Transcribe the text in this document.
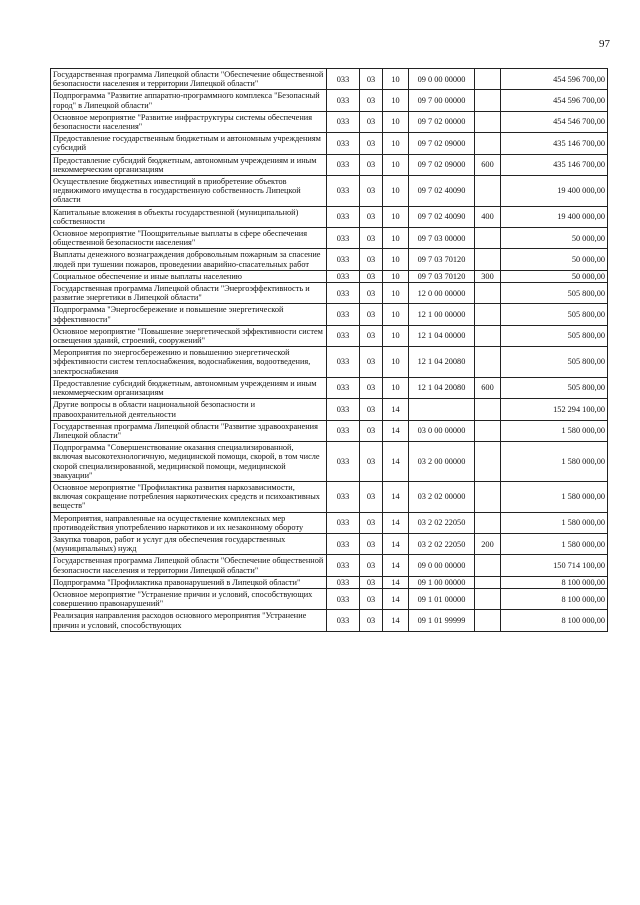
97
Государственная программа Липецкой области "Обеспечение общественной безопасности населения и территории Липецкой области"	033	03	10	09 0 00 00000		454 596 700,00
Подпрограмма "Развитие аппаратно-программного комплекса "Безопасный город" в Липецкой области"	033	03	10	09 7 00 00000		454 596 700,00
Основное мероприятие "Развитие инфраструктуры системы обеспечения безопасности населения"	033	03	10	09 7 02 00000		454 546 700,00
Предоставление государственным бюджетным и автономным учреждениям субсидий	033	03	10	09 7 02 09000		435 146 700,00
Предоставление субсидий бюджетным, автономным учреждениям и иным некоммерческим организациям	033	03	10	09 7 02 09000	600	435 146 700,00
Осуществление бюджетных инвестиций в приобретение объектов недвижимого имущества в государственную собственность Липецкой области	033	03	10	09 7 02 40090		19 400 000,00
Капитальные вложения в объекты государственной (муниципальной) собственности	033	03	10	09 7 02 40090	400	19 400 000,00
Основное мероприятие "Поощрительные выплаты в сфере обеспечения общественной безопасности населения"	033	03	10	09 7 03 00000		50 000,00
Выплаты денежного вознаграждения добровольным пожарным за спасение людей при тушении пожаров, проведении аварийно-спасательных работ	033	03	10	09 7 03 70120		50 000,00
Социальное обеспечение и иные выплаты населению	033	03	10	09 7 03 70120	300	50 000,00
Государственная программа Липецкой области "Энергоэффективность и развитие энергетики в Липецкой области"	033	03	10	12 0 00 00000		505 800,00
Подпрограмма "Энергосбережение и повышение энергетической эффективности"	033	03	10	12 1 00 00000		505 800,00
Основное мероприятие "Повышение энергетической эффективности систем освещения зданий, строений, сооружений"	033	03	10	12 1 04 00000		505 800,00
Мероприятия по энергосбережению и повышению энергетической эффективности систем теплоснабжения, водоснабжения, водоотведения, электроснабжения	033	03	10	12 1 04 20080		505 800,00
Предоставление субсидий бюджетным, автономным учреждениям и иным некоммерческим организациям	033	03	10	12 1 04 20080	600	505 800,00
Другие вопросы в области национальной безопасности и правоохранительной деятельности	033	03	14			152 294 100,00
Государственная программа Липецкой области "Развитие здравоохранения Липецкой области"	033	03	14	03 0 00 00000		1 580 000,00
Подпрограмма "Совершенствование оказания специализированной, включая высокотехнологичную, медицинской помощи, скорой, в том числе скорой специализированной, медицинской помощи, медицинской эвакуации"	033	03	14	03 2 00 00000		1 580 000,00
Основное мероприятие "Профилактика развития наркозависимости, включая сокращение потребления наркотических средств и психоактивных веществ"	033	03	14	03 2 02 00000		1 580 000,00
Мероприятия, направленные на осуществление комплексных мер противодействия употреблению наркотиков и их незаконному обороту	033	03	14	03 2 02 22050		1 580 000,00
Закупка товаров, работ и услуг для обеспечения государственных (муниципальных) нужд	033	03	14	03 2 02 22050	200	1 580 000,00
Государственная программа Липецкой области "Обеспечение общественной безопасности населения и территории Липецкой области"	033	03	14	09 0 00 00000		150 714 100,00
Подпрограмма "Профилактика правонарушений в Липецкой области"	033	03	14	09 1 00 00000		8 100 000,00
Основное мероприятие "Устранение причин и условий, способствующих совершению правонарушений"	033	03	14	09 1 01 00000		8 100 000,00
Реализация направления расходов основного мероприятия "Устранение причин и условий, способствующих	033	03	14	09 1 01 99999		8 100 000,00
